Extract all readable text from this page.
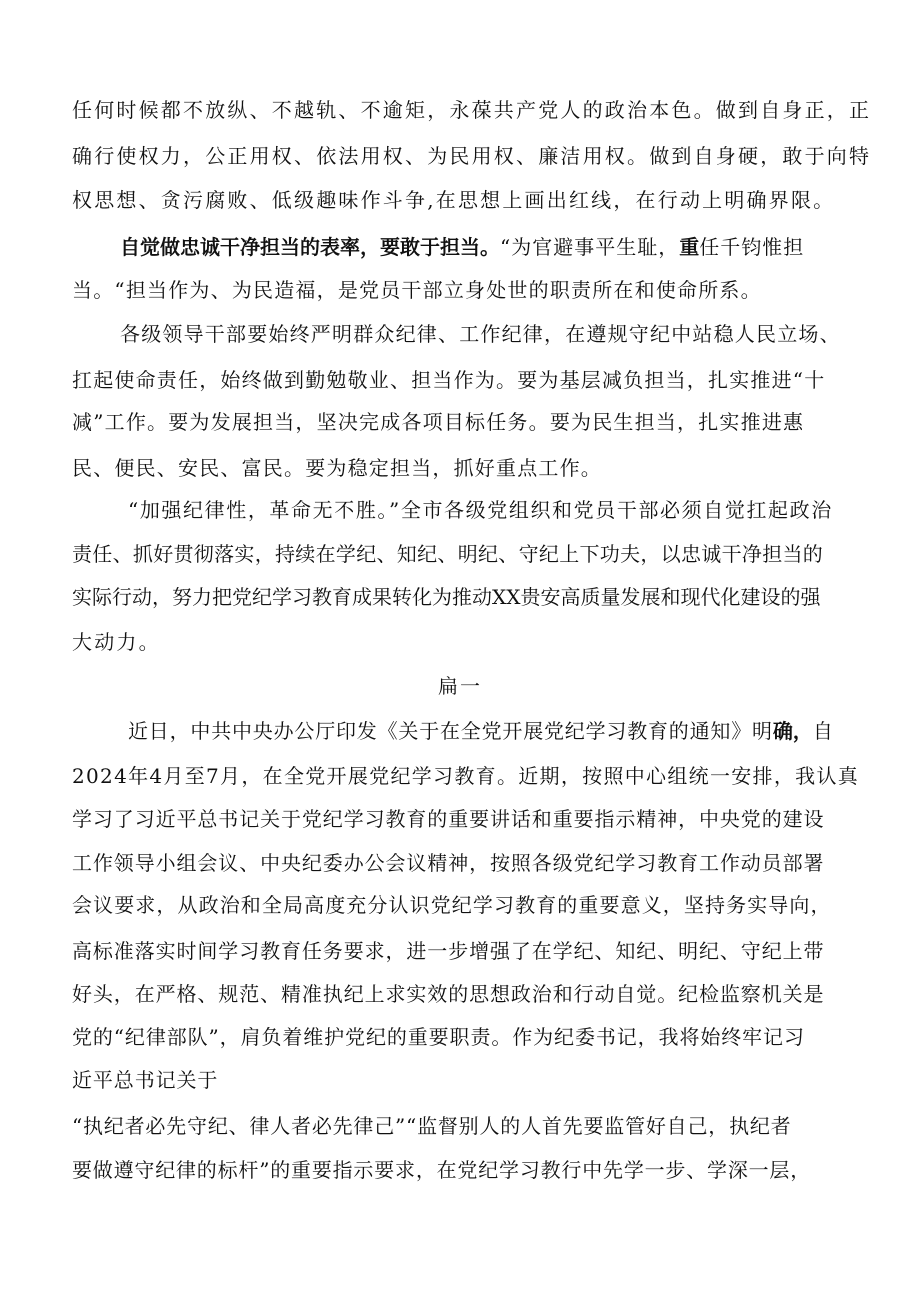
任何时候都不放纵、不越轨、不逾矩，永葆共产党人的政治本色。做到自身正，正
确行使权力，公正用权、依法用权、为民用权、廉洁用权。做到自身硬，敢于向特
权思想、贪污腐败、低级趣味作斗争,在思想上画出红线，在行动上明确界限。
自觉做忠诚干净担当的表率，要敢于担当。“为官避事平生耻，重任千钧惟担
当。“担当作为、为民造福，是党员干部立身处世的职责所在和使命所系。
各级领导干部要始终严明群众纪律、工作纪律，在遵规守纪中站稳人民立场、
扛起使命责任，始终做到勤勉敬业、担当作为。要为基层减负担当，扎实推进“十
减”工作。要为发展担当，坚决完成各项目标任务。要为民生担当，扎实推进惠
民、便民、安民、富民。要为稳定担当，抓好重点工作。
“加强纪律性，革命无不胜。”全市各级党组织和党员干部必须自觉扛起政治
责任、抓好贯彻落实，持续在学纪、知纪、明纪、守纪上下功夫，以忠诚干净担当的
实际行动，努力把党纪学习教育成果转化为推动XX贵安高质量发展和现代化建设的强
大动力。
扁一
近日，中共中央办公厅印发《关于在全党开展党纪学习教育的通知》明确，自
2024年4月至7月，在全党开展党纪学习教育。近期，按照中心组统一安排，我认真
学习了习近平总书记关于党纪学习教育的重要讲话和重要指示精神，中央党的建设
工作领导小组会议、中央纪委办公会议精神，按照各级党纪学习教育工作动员部署
会议要求，从政治和全局高度充分认识党纪学习教育的重要意义，坚持务实导向，
高标准落实时间学习教育任务要求，进一步增强了在学纪、知纪、明纪、守纪上带
好头，在严格、规范、精准执纪上求实效的思想政治和行动自觉。纪检监察机关是
党的“纪律部队”，肩负着维护党纪的重要职责。作为纪委书记，我将始终牢记习
近平总书记关于
“执纪者必先守纪、律人者必先律己”“监督别人的人首先要监管好自己，执纪者
要做遵守纪律的标杆”的重要指示要求，在党纪学习教行中先学一步、学深一层，
